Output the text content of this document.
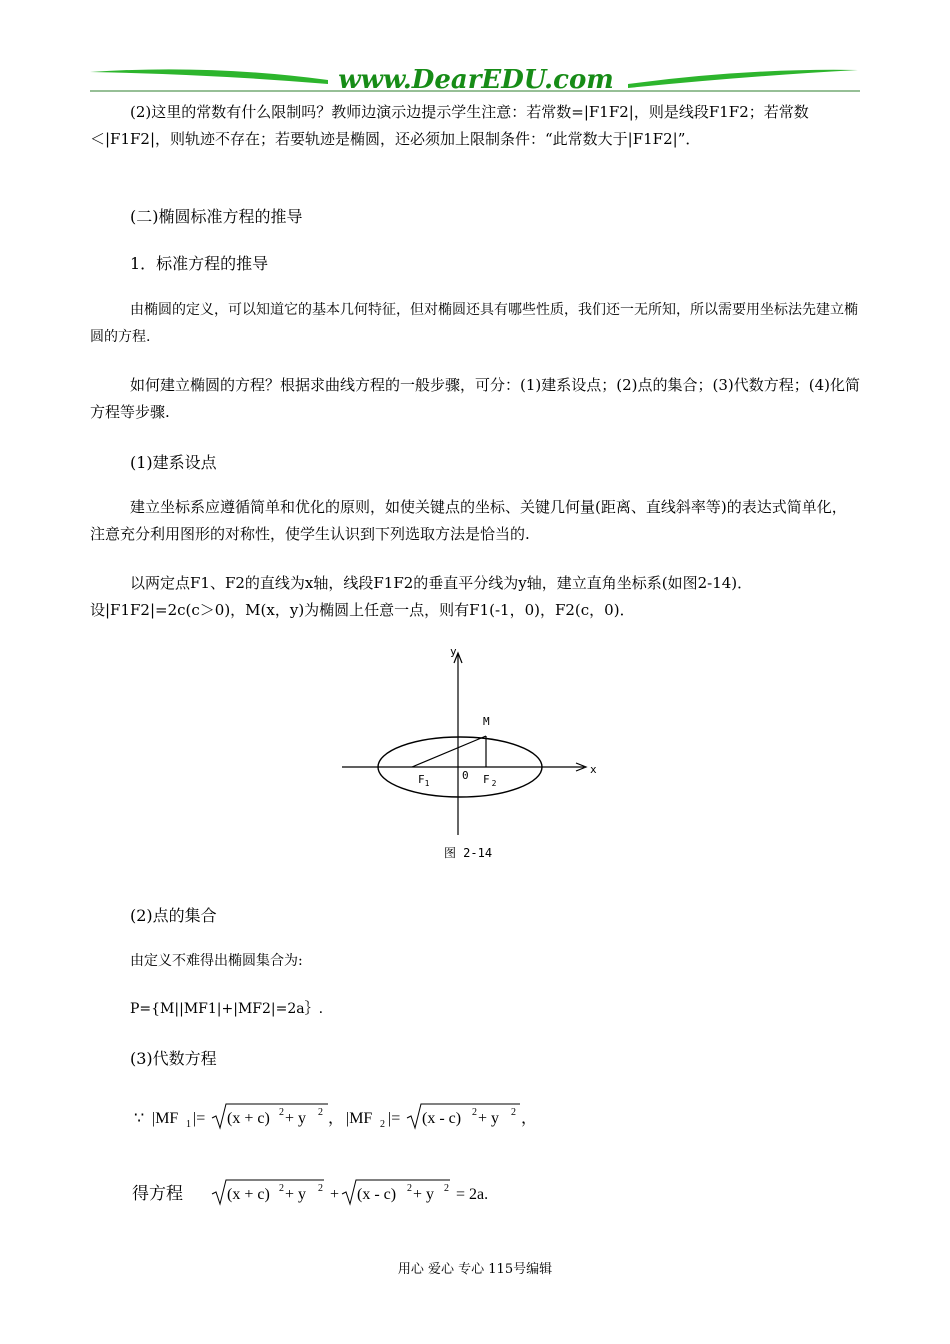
www.DearEDU.com

(2)这里的常数有什么限制吗？教师边演示边提示学生注意：若常数=|F1F2|，则是线段F1F2；若常数＜|F1F2|，则轨迹不存在；若要轨迹是椭圆，还必须加上限制条件：“此常数大于|F1F2|”．

(二)椭圆标准方程的推导

1．标准方程的推导

由椭圆的定义，可以知道它的基本几何特征，但对椭圆还具有哪些性质，我们还一无所知，所以需要用坐标法先建立椭圆的方程.

如何建立椭圆的方程？根据求曲线方程的一般步骤，可分：(1)建系设点；(2)点的集合；(3)代数方程；(4)化简方程等步骤.

(1)建系设点

建立坐标系应遵循简单和优化的原则，如使关键点的坐标、关键几何量(距离、直线斜率等)的表达式简单化，注意充分利用图形的对称性，使学生认识到下列选取方法是恰当的.

以两定点F1、F2的直线为x轴，线段F1F2的垂直平分线为y轴，建立直角坐标系(如图2-14)．设|F1F2|=2c(c＞0)，M(x，y)为椭圆上任意一点，则有F1(-1，0)，F2(c，0)．

x
y
M
0
$F_1$	F $_2$
图 2-14

(2)点的集合

由定义不难得出椭圆集合为:

P={M||MF1|+|MF2|=2a｝.

(3)代数方程

∵ |MF 1 |= (x + c) 2 + y 2 ， |MF 2 |= (x - c) 2 + y 2 ，
得方程	(x + c) 2 + y 2 + (x - c) 2 + y 2 = 2a.
用心 爱心 专心 115号编辑
